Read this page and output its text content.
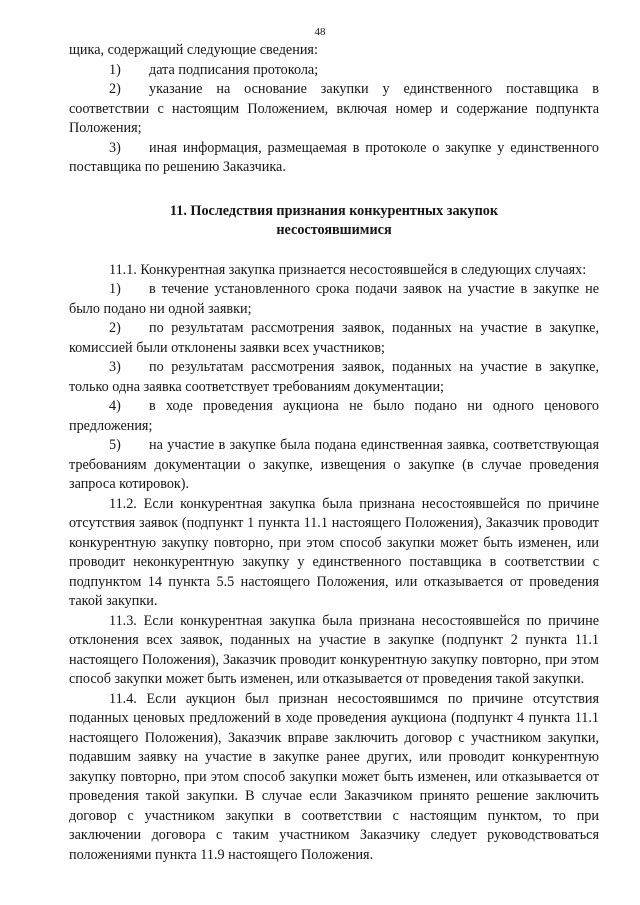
48

щика, содержащий следующие сведения:

1) дата подписания протокола;

2) указание на основание закупки у единственного поставщика в соответствии с настоящим Положением, включая номер и содержание подпункта Положения;

3) иная информация, размещаемая в протоколе о закупке у единственного поставщика по решению Заказчика.

11. Последствия признания конкурентных закупок
несостоявшимися

11.1. Конкурентная закупка признается несостоявшейся в следующих случаях:

1) в течение установленного срока подачи заявок на участие в закупке не было подано ни одной заявки;

2) по результатам рассмотрения заявок, поданных на участие в закупке, комиссией были отклонены заявки всех участников;

3) по результатам рассмотрения заявок, поданных на участие в закупке, только одна заявка соответствует требованиям документации;

4) в ходе проведения аукциона не было подано ни одного ценового предложения;

5) на участие в закупке была подана единственная заявка, соответствующая требованиям документации о закупке, извещения о закупке (в случае проведения запроса котировок).

11.2. Если конкурентная закупка была признана несостоявшейся по причине отсутствия заявок (подпункт 1 пункта 11.1 настоящего Положения), Заказчик проводит конкурентную закупку повторно, при этом способ закупки может быть изменен, или проводит неконкурентную закупку у единственного поставщика в соответствии с подпунктом 14 пункта 5.5 настоящего Положения, или отказывается от проведения такой закупки.

11.3. Если конкурентная закупка была признана несостоявшейся по причине отклонения всех заявок, поданных на участие в закупке (подпункт 2 пункта 11.1 настоящего Положения), Заказчик проводит конкурентную закупку повторно, при этом способ закупки может быть изменен, или отказывается от проведения такой закупки.

11.4. Если аукцион был признан несостоявшимся по причине отсутствия поданных ценовых предложений в ходе проведения аукциона (подпункт 4 пункта 11.1 настоящего Положения), Заказчик вправе заключить договор с участником закупки, подавшим заявку на участие в закупке ранее других, или проводит конкурентную закупку повторно, при этом способ закупки может быть изменен, или отказывается от проведения такой закупки. В случае если Заказчиком принято решение заключить договор с участником закупки в соответствии с настоящим пунктом, то при заключении договора с таким участником Заказчику следует руководствоваться положениями пункта 11.9 настоящего Положения.
